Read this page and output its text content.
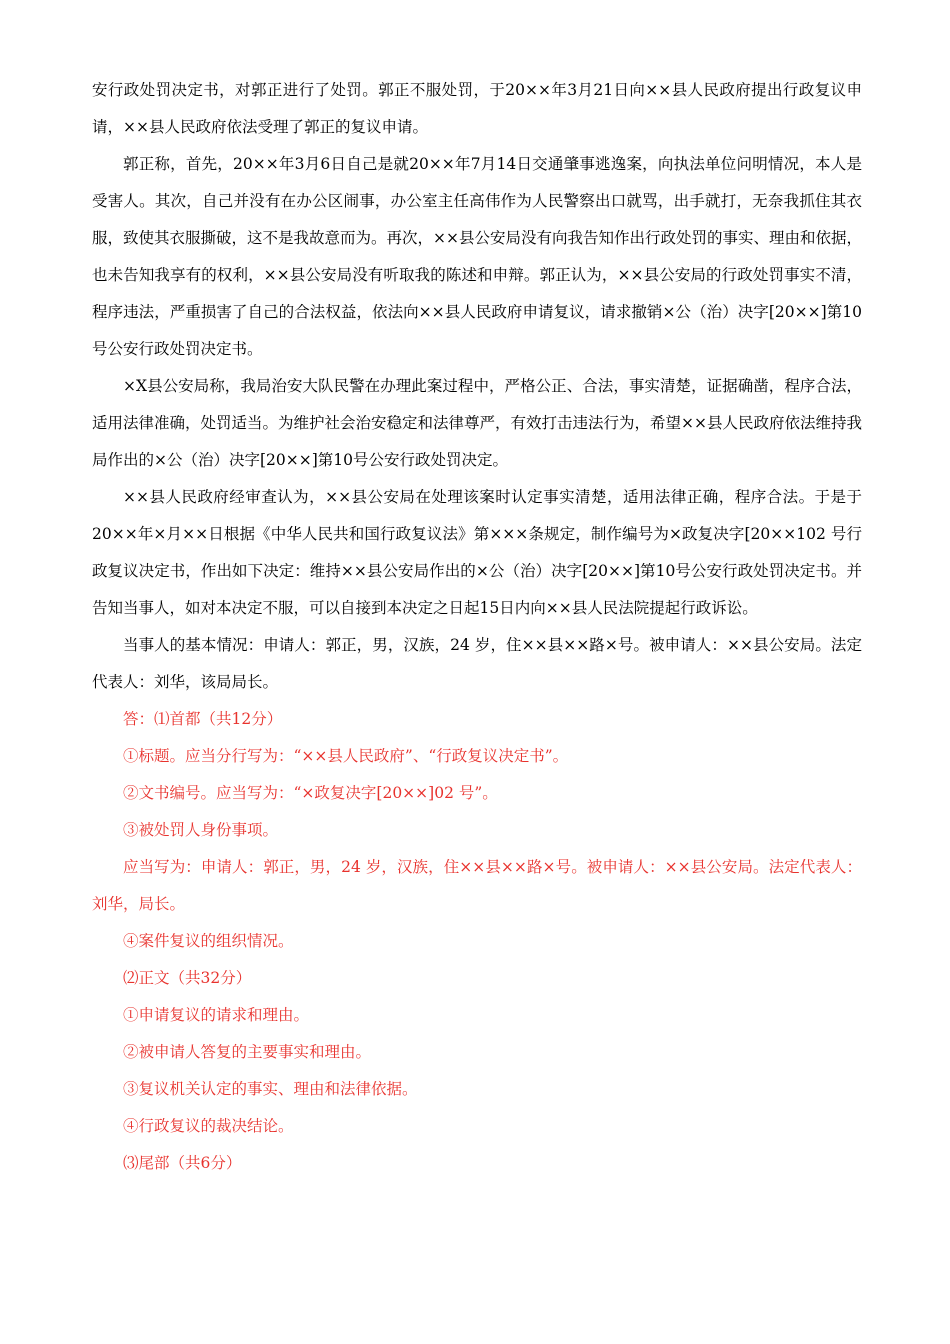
安行政处罚决定书，对郭正进行了处罚。郭正不服处罚，于20××年3月21日向××县人民政府提出行政复议申请，××县人民政府依法受理了郭正的复议申请。

郭正称，首先，20××年3月6日自己是就20××年7月14日交通肇事逃逸案，向执法单位问明情况，本人是受害人。其次，自己并没有在办公区闹事，办公室主任高伟作为人民警察出口就骂，出手就打，无奈我抓住其衣服，致使其衣服撕破，这不是我故意而为。再次，××县公安局没有向我告知作出行政处罚的事实、理由和依据，也未告知我享有的权利，××县公安局没有听取我的陈述和申辩。郭正认为，××县公安局的行政处罚事实不清，程序违法，严重损害了自己的合法权益，依法向××县人民政府申请复议，请求撤销×公（治）决字[20××]第10号公安行政处罚决定书。

×X县公安局称，我局治安大队民警在办理此案过程中，严格公正、合法，事实清楚，证据确凿，程序合法，适用法律准确，处罚适当。为维护社会治安稳定和法律尊严，有效打击违法行为，希望××县人民政府依法维持我局作出的×公（治）决字[20××]第10号公安行政处罚决定。

××县人民政府经审查认为，××县公安局在处理该案时认定事实清楚，适用法律正确，程序合法。于是于 20××年×月××日根据《中华人民共和国行政复议法》第×××条规定，制作编号为×政复决字[20××102 号行政复议决定书，作出如下决定：维持××县公安局作出的×公（治）决字[20××]第10号公安行政处罚决定书。并告知当事人，如对本决定不服，可以自接到本决定之日起15日内向××县人民法院提起行政诉讼。

当事人的基本情况：申请人：郭正，男，汉族，24 岁，住××县××路×号。被申请人：××县公安局。法定代表人：刘华，该局局长。

答：⑴首都（共12分）

①标题。应当分行写为：“××县人民政府”、“行政复议决定书”。

②文书编号。应当写为：“×政复决字[20××]02 号”。

③被处罚人身份事项。

应当写为：申请人：郭正，男，24 岁，汉族，住××县××路×号。被申请人：××县公安局。法定代表人：刘华，局长。

④案件复议的组织情况。

⑵正文（共32分）

①申请复议的请求和理由。

②被申请人答复的主要事实和理由。

③复议机关认定的事实、理由和法律依据。

④行政复议的裁决结论。

⑶尾部（共6分）
